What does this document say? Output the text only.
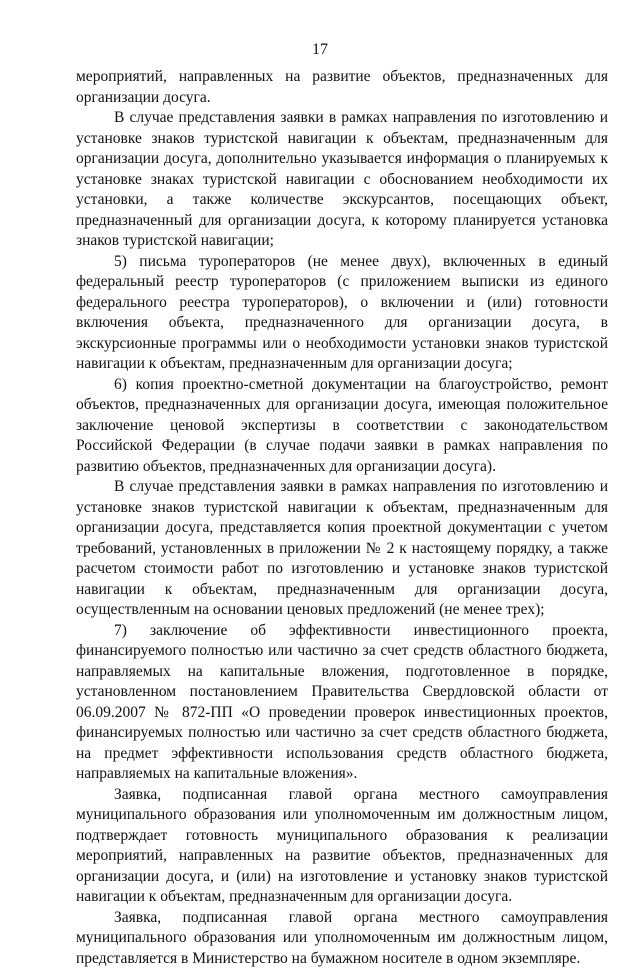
17

мероприятий, направленных на развитие объектов, предназначенных для организации досуга.

В случае представления заявки в рамках направления по изготовлению и установке знаков туристской навигации к объектам, предназначенным для организации досуга, дополнительно указывается информация о планируемых к установке знаках туристской навигации с обоснованием необходимости их установки, а также количестве экскурсантов, посещающих объект, предназначенный для организации досуга, к которому планируется установка знаков туристской навигации;

5) письма туроператоров (не менее двух), включенных в единый федеральный реестр туроператоров (с приложением выписки из единого федерального реестра туроператоров), о включении и (или) готовности включения объекта, предназначенного для организации досуга, в экскурсионные программы или о необходимости установки знаков туристской навигации к объектам, предназначенным для организации досуга;

6) копия проектно-сметной документации на благоустройство, ремонт объектов, предназначенных для организации досуга, имеющая положительное заключение ценовой экспертизы в соответствии с законодательством Российской Федерации (в случае подачи заявки в рамках направления по развитию объектов, предназначенных для организации досуга).

В случае представления заявки в рамках направления по изготовлению и установке знаков туристской навигации к объектам, предназначенным для организации досуга, представляется копия проектной документации с учетом требований, установленных в приложении № 2 к настоящему порядку, а также расчетом стоимости работ по изготовлению и установке знаков туристской навигации к объектам, предназначенным для организации досуга, осуществленным на основании ценовых предложений (не менее трех);

7) заключение об эффективности инвестиционного проекта, финансируемого полностью или частично за счет средств областного бюджета, направляемых на капитальные вложения, подготовленное в порядке, установленном постановлением Правительства Свердловской области от 06.09.2007 № 872-ПП «О проведении проверок инвестиционных проектов, финансируемых полностью или частично за счет средств областного бюджета, на предмет эффективности использования средств областного бюджета, направляемых на капитальные вложения».

Заявка, подписанная главой органа местного самоуправления муниципального образования или уполномоченным им должностным лицом, подтверждает готовность муниципального образования к реализации мероприятий, направленных на развитие объектов, предназначенных для организации досуга, и (или) на изготовление и установку знаков туристской навигации к объектам, предназначенным для организации досуга.

Заявка, подписанная главой органа местного самоуправления муниципального образования или уполномоченным им должностным лицом, представляется в Министерство на бумажном носителе в одном экземпляре.
